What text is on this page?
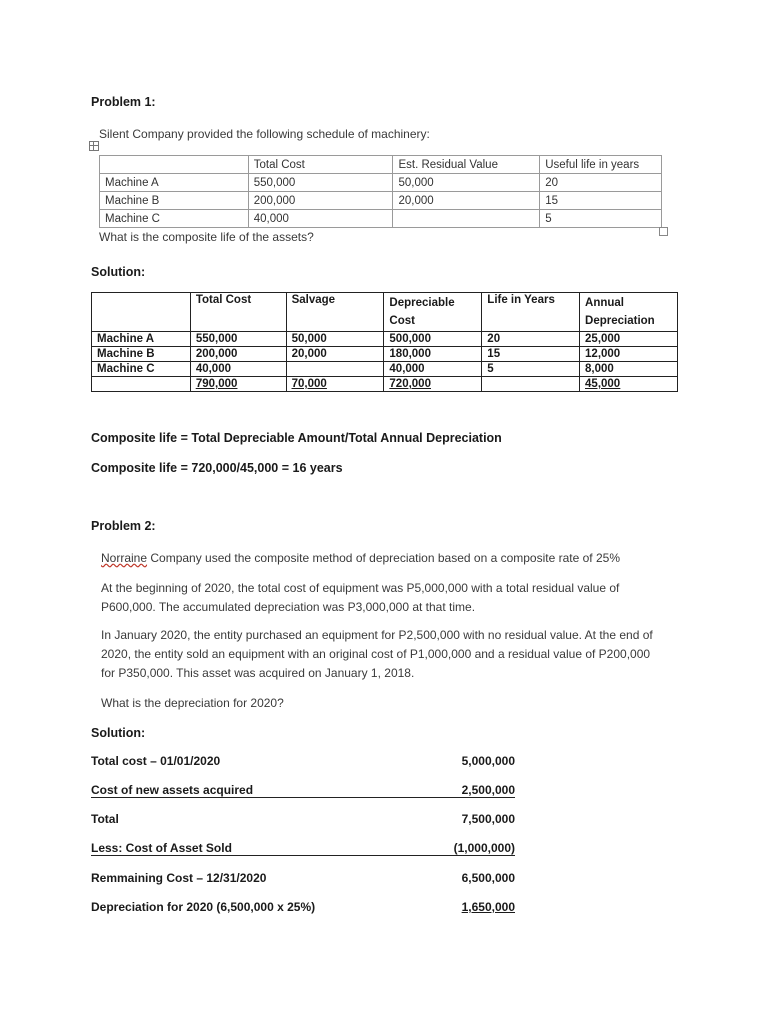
Problem 1:
Silent Company provided the following schedule of machinery:
	Total Cost	Est. Residual Value	Useful life in years
Machine A	550,000	50,000	20
Machine B	200,000	20,000	15
Machine C	40,000		5
What is the composite life of the assets?
Solution:
	Total Cost	Salvage	Depreciable Cost	Life in Years	Annual Depreciation
Machine A	550,000	50,000	500,000	20	25,000
Machine B	200,000	20,000	180,000	15	12,000
Machine C	40,000		40,000	5	8,000
	790,000	70,000	720,000		45,000
Composite life = Total Depreciable Amount/Total Annual Depreciation
Composite life = 720,000/45,000 = 16 years
Problem 2:
Norraine Company used the composite method of depreciation based on a composite rate of 25%
At the beginning of 2020, the total cost of equipment was P5,000,000 with a total residual value of
P600,000. The accumulated depreciation was P3,000,000 at that time.
In January 2020, the entity purchased an equipment for P2,500,000 with no residual value. At the end of
2020, the entity sold an equipment with an original cost of P1,000,000 and a residual value of P200,000
for P350,000. This asset was acquired on January 1, 2018.
What is the depreciation for 2020?
Solution:
Total cost – 01/01/2020	5,000,000
Cost of new assets acquired	2,500,000
Total	7,500,000
Less: Cost of Asset Sold	(1,000,000)
Remmaining Cost – 12/31/2020	6,500,000
Depreciation for 2020 (6,500,000 x 25%)	1,650,000
